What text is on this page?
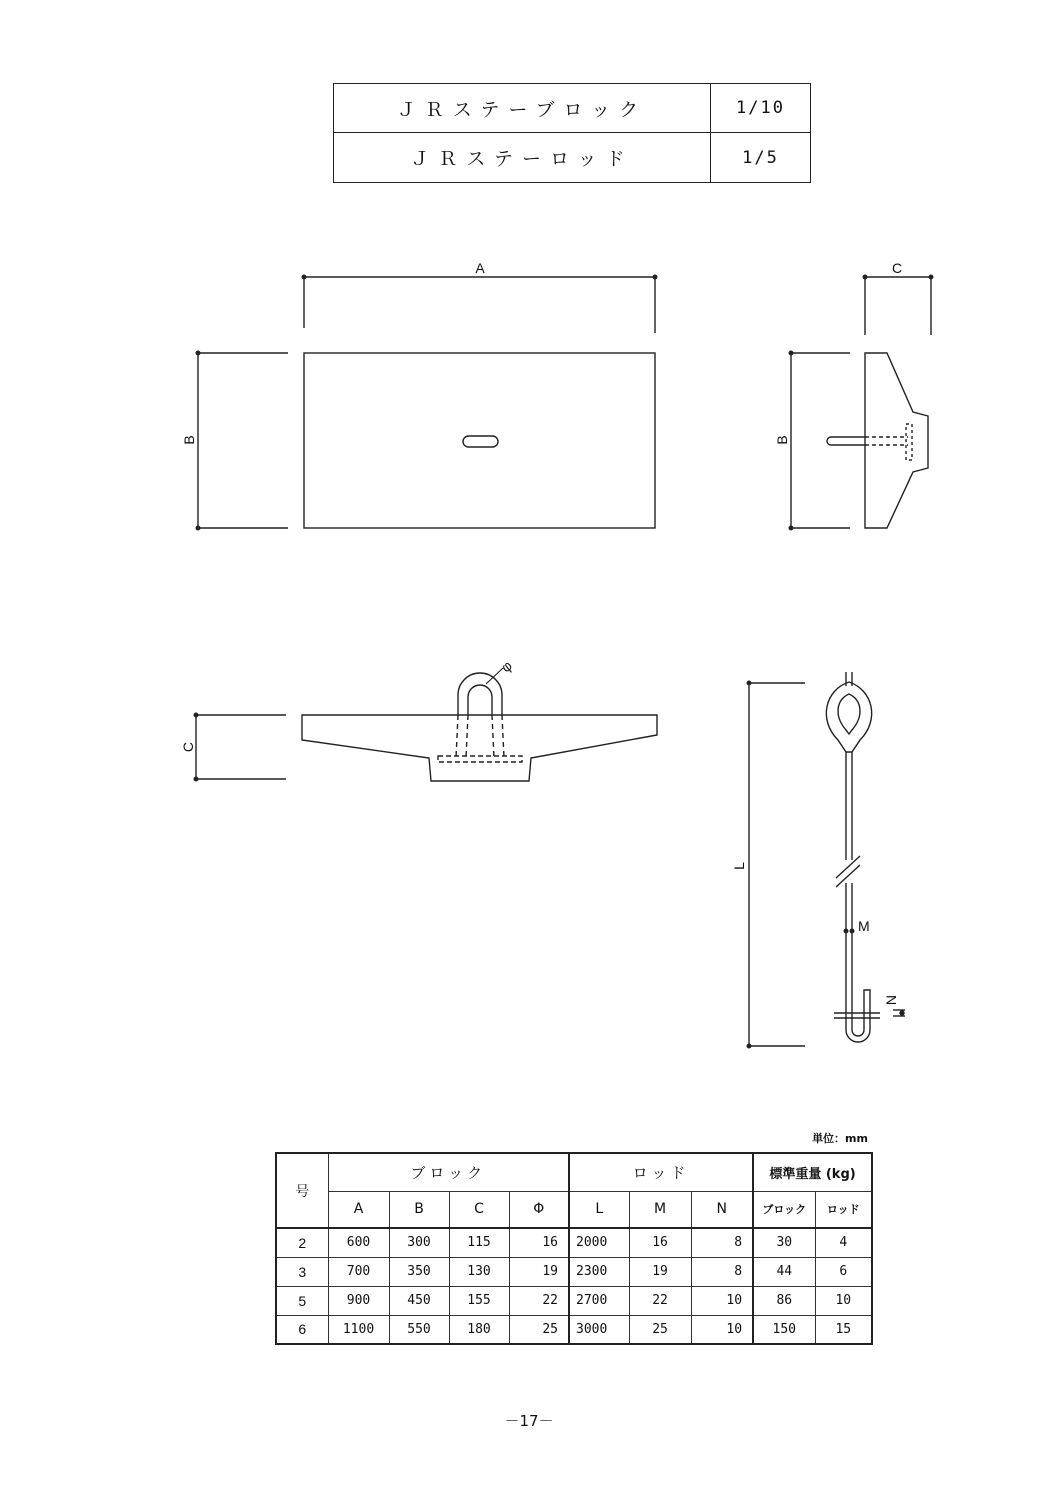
ＪＲステーブロック	1/10
ＪＲステーロッド	1/5
A
B
C
B
φ
C
M
N
L
単位：mm
号	ブロック				ロッド			標準重量 (kg)	
	A	B	C	Φ	L	M	N	ブロック	ロッド
2	600	300	115	16	2000	16	8	30	4
3	700	350	130	19	2300	19	8	44	6
5	900	450	155	22	2700	22	10	86	10
6	1100	550	180	25	3000	25	10	150	15
－17－
